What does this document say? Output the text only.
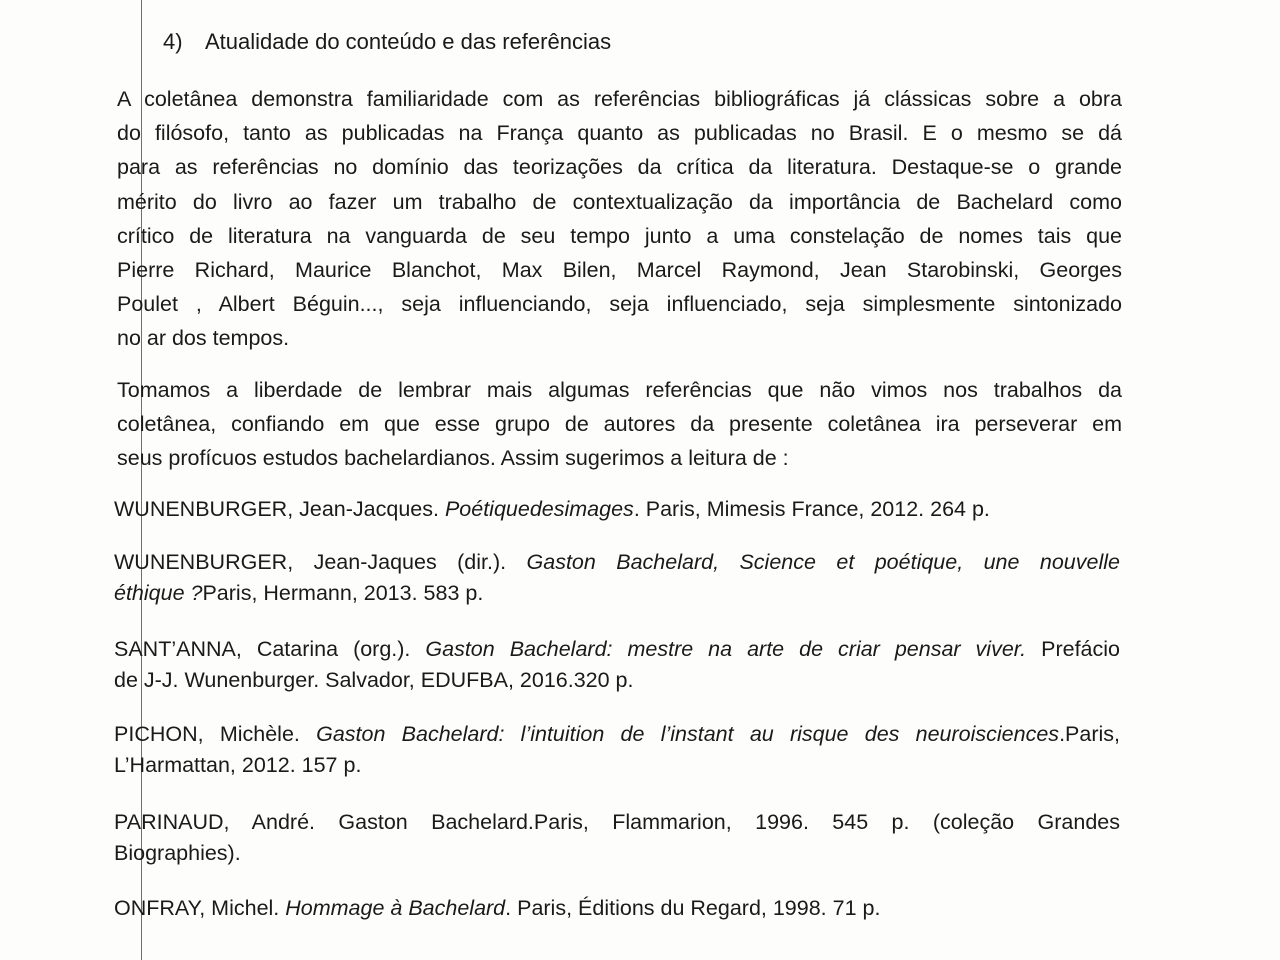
4) Atualidade do conteúdo e das referências

A coletânea demonstra familiaridade com as referências bibliográficas já clássicas sobre a obra
do filósofo, tanto as publicadas na França quanto as publicadas no Brasil. E o mesmo se dá
para as referências no domínio das teorizações da crítica da literatura. Destaque-se o grande
mérito do livro ao fazer um trabalho de contextualização da importância de Bachelard como
crítico de literatura na vanguarda de seu tempo junto a uma constelação de nomes tais que
Pierre Richard, Maurice Blanchot, Max Bilen, Marcel Raymond, Jean Starobinski, Georges
Poulet , Albert Béguin..., seja influenciando, seja influenciado, seja simplesmente sintonizado
no ar dos tempos.

Tomamos a liberdade de lembrar mais algumas referências que não vimos nos trabalhos da
coletânea, confiando em que esse grupo de autores da presente coletânea ira perseverar em
seus profícuos estudos bachelardianos. Assim sugerimos a leitura de :

WUNENBURGER, Jean-Jacques. Poétiquedesimages. Paris, Mimesis France, 2012. 264 p.

WUNENBURGER, Jean-Jaques (dir.). Gaston Bachelard, Science et poétique, une nouvelle
éthique ?Paris, Hermann, 2013. 583 p.

SANT’ANNA, Catarina (org.). Gaston Bachelard: mestre na arte de criar pensar viver. Prefácio
de J-J. Wunenburger. Salvador, EDUFBA, 2016.320 p.

PICHON, Michèle. Gaston Bachelard: l’intuition de l’instant au risque des neuroisciences.Paris,
L’Harmattan, 2012. 157 p.

PARINAUD, André. Gaston Bachelard.Paris, Flammarion, 1996. 545 p. (coleção Grandes
Biographies).

ONFRAY, Michel. Hommage à Bachelard. Paris, Éditions du Regard, 1998. 71 p.
